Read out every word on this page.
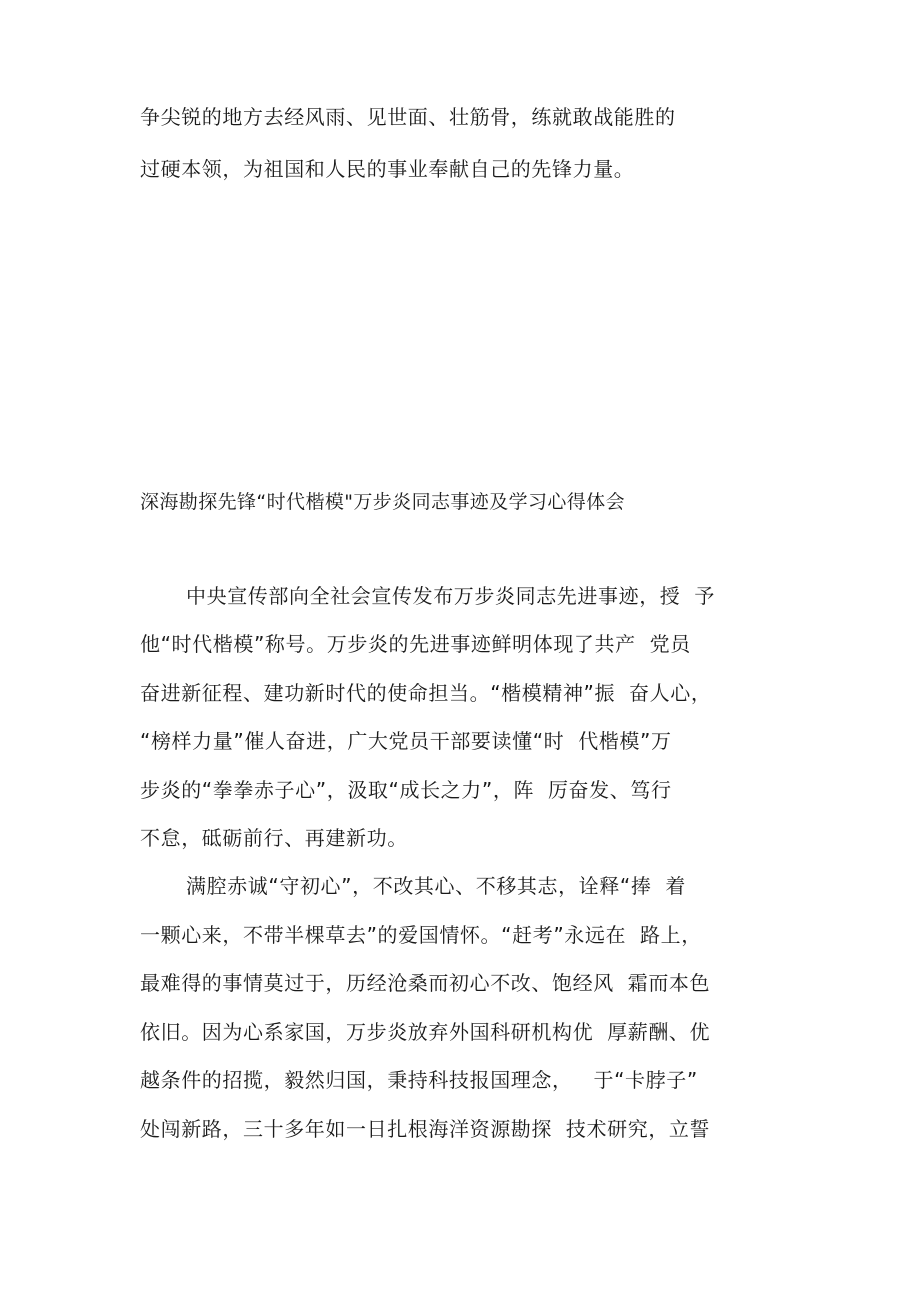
争尖锐的地方去经风雨、见世面、壮筋骨，练就敢战能胜的
过硬本领，为祖国和人民的事业奉献自己的先锋力量。
深海勘探先锋“时代楷模"万步炎同志事迹及学习心得体会
中央宣传部向全社会宣传发布万步炎同志先进事迹，授  予
他“时代楷模”称号。万步炎的先进事迹鲜明体现了共产  党员
奋进新征程、建功新时代的使命担当。“楷模精神”振  奋人心，
“榜样力量”催人奋进，广大党员干部要读懂“时  代楷模”万
步炎的“拳拳赤子心”，汲取“成长之力”，阵  厉奋发、笃行
不怠，砥砺前行、再建新功。
满腔赤诚“守初心”，不改其心、不移其志，诠释“捧  着
一颗心来，不带半棵草去”的爱国情怀。“赶考”永远在  路上，
最难得的事情莫过于，历经沧桑而初心不改、饱经风  霜而本色
依旧。因为心系家国，万步炎放弃外国科研机构优  厚薪酬、优
越条件的招揽，毅然归国，秉持科技报国理念，   于“卡脖子”
处闯新路，三十多年如一日扎根海洋资源勘探  技术研究，立誓
